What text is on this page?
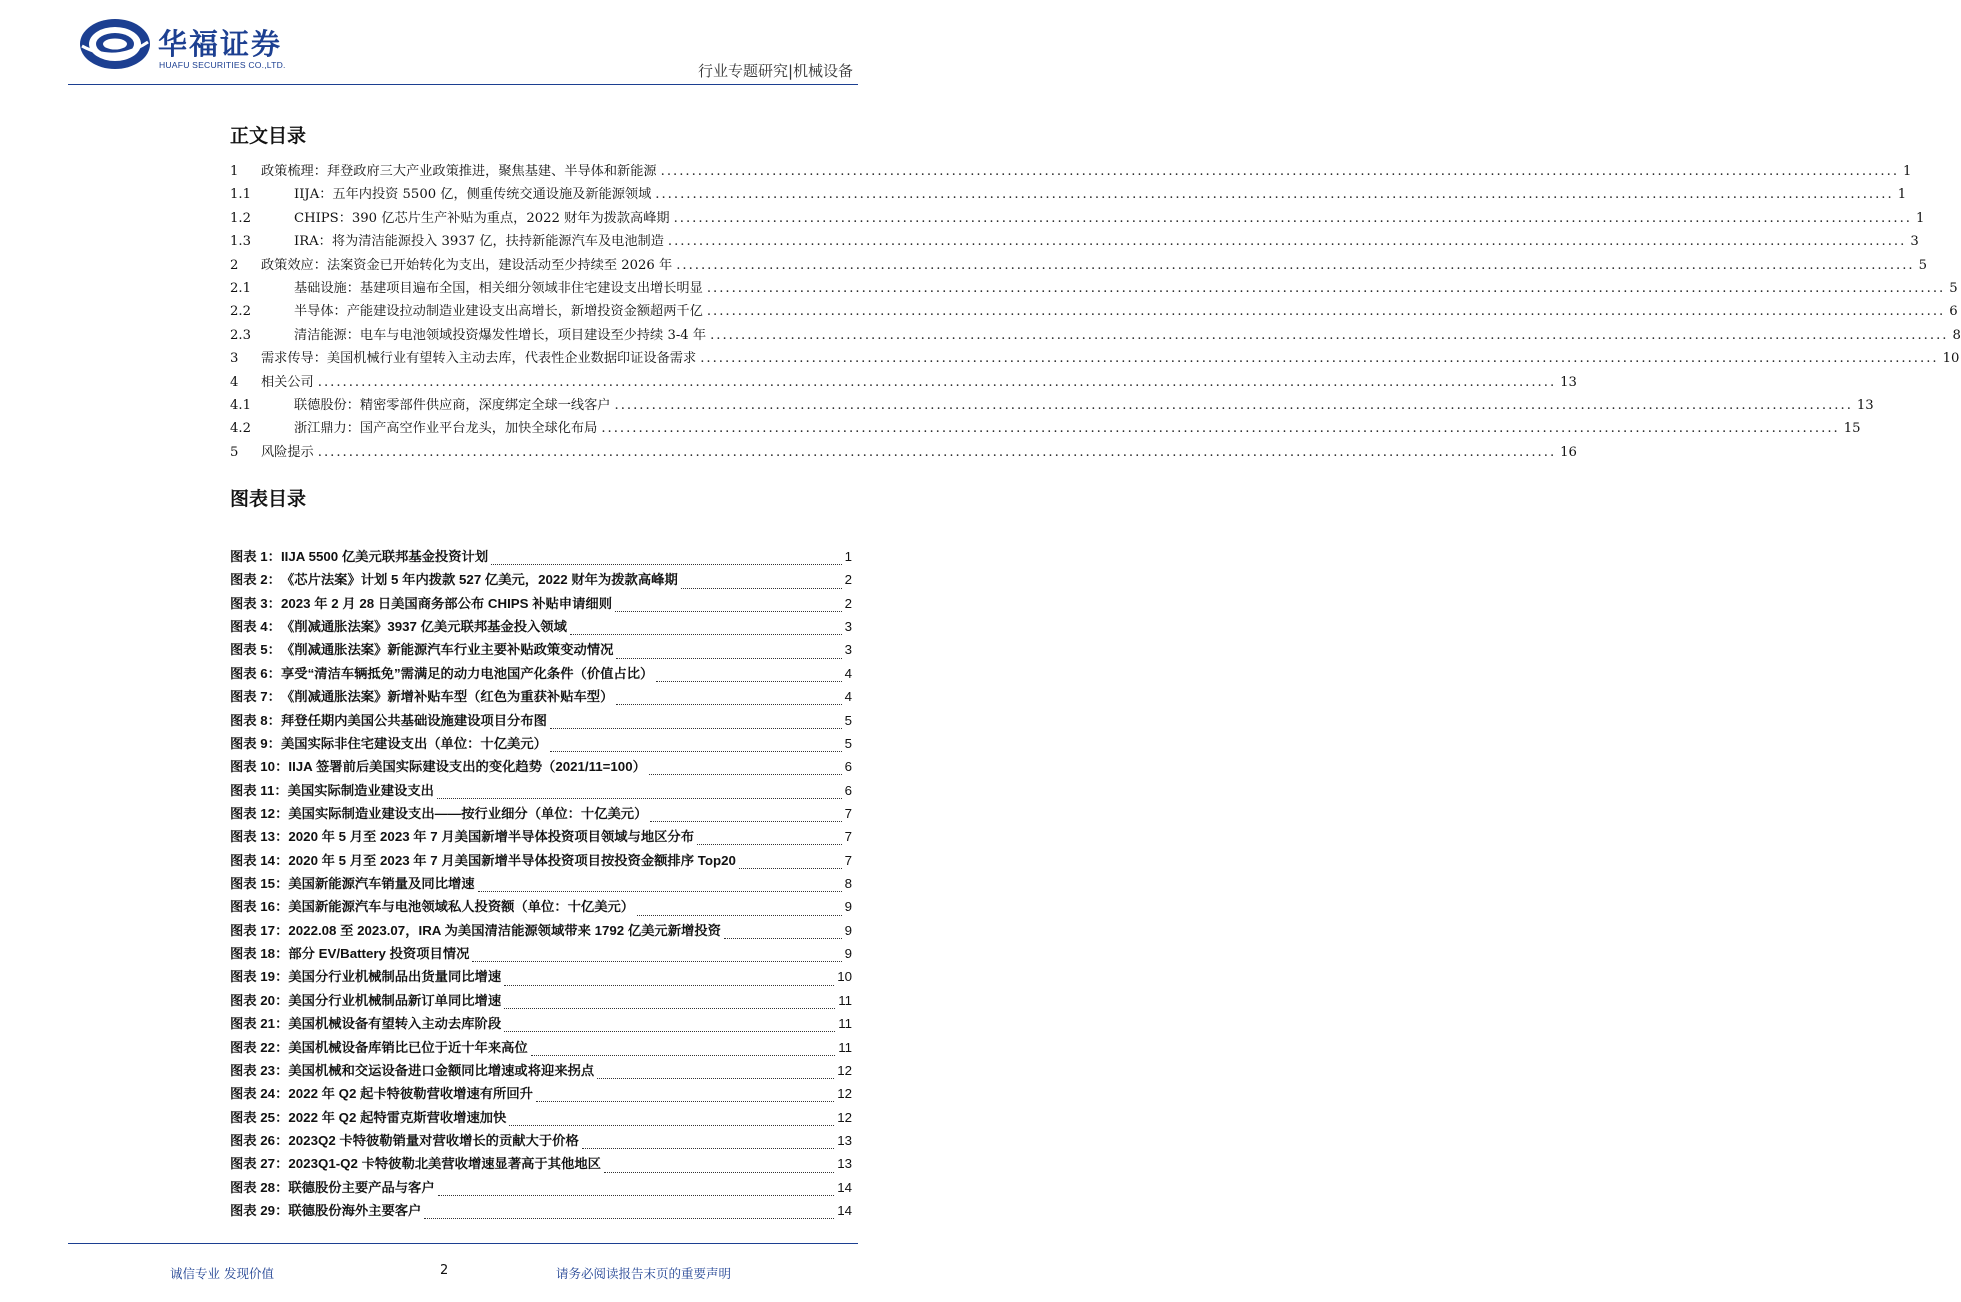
华福证券
HUAFU SECURITIES CO.,LTD.	行业专题研究|机械设备
正文目录
1 政策梳理：拜登政府三大产业政策推进，聚焦基建、半导体和新能源 ........................................................................................................................................................................................................ 1
1.1	IIJA：五年内投资 5500 亿，侧重传统交通设施及新能源领域 ........................................................................................................................................................................................................ 1
1.2	CHIPS：390 亿芯片生产补贴为重点，2022 财年为拨款高峰期 ........................................................................................................................................................................................................ 1
1.3	IRA：将为清洁能源投入 3937 亿，扶持新能源汽车及电池制造 ........................................................................................................................................................................................................ 3
2 政策效应：法案资金已开始转化为支出，建设活动至少持续至 2026 年 ........................................................................................................................................................................................................ 5
2.1	基础设施：基建项目遍布全国，相关细分领域非住宅建设支出增长明显 ........................................................................................................................................................................................................ 5
2.2	半导体：产能建设拉动制造业建设支出高增长，新增投资金额超两千亿 ........................................................................................................................................................................................................ 6
2.3	清洁能源：电车与电池领域投资爆发性增长，项目建设至少持续 3-4 年 ........................................................................................................................................................................................................ 8
3 需求传导：美国机械行业有望转入主动去库，代表性企业数据印证设备需求 ........................................................................................................................................................................................................ 10
4 相关公司 ........................................................................................................................................................................................................ 13
4.1	联德股份：精密零部件供应商，深度绑定全球一线客户 ........................................................................................................................................................................................................ 13
4.2	浙江鼎力：国产高空作业平台龙头，加快全球化布局 ........................................................................................................................................................................................................ 15
5 风险提示 ........................................................................................................................................................................................................ 16
图表目录
图表 1： IIJA 5500 亿美元联邦基金投资计划	1
图表 2： 《芯片法案》计划 5 年内拨款 527 亿美元，2022 财年为拨款高峰期	2
图表 3： 2023 年 2 月 28 日美国商务部公布 CHIPS 补贴申请细则	2
图表 4： 《削减通胀法案》3937 亿美元联邦基金投入领域	3
图表 5： 《削减通胀法案》新能源汽车行业主要补贴政策变动情况	3
图表 6： 享受“清洁车辆抵免”需满足的动力电池国产化条件（价值占比）	4
图表 7： 《削减通胀法案》新增补贴车型（红色为重获补贴车型）	4
图表 8： 拜登任期内美国公共基础设施建设项目分布图	5
图表 9： 美国实际非住宅建设支出（单位：十亿美元）	5
图表 10： IIJA 签署前后美国实际建设支出的变化趋势（2021/11=100）	6
图表 11： 美国实际制造业建设支出	6
图表 12： 美国实际制造业建设支出——按行业细分（单位：十亿美元）	7
图表 13： 2020 年 5 月至 2023 年 7 月美国新增半导体投资项目领域与地区分布	7
图表 14： 2020 年 5 月至 2023 年 7 月美国新增半导体投资项目按投资金额排序 Top20	7
图表 15： 美国新能源汽车销量及同比增速	8
图表 16： 美国新能源汽车与电池领域私人投资额（单位：十亿美元）	9
图表 17： 2022.08 至 2023.07，IRA 为美国清洁能源领域带来 1792 亿美元新增投资	9
图表 18： 部分 EV/Battery 投资项目情况	9
图表 19： 美国分行业机械制品出货量同比增速	10
图表 20： 美国分行业机械制品新订单同比增速	11
图表 21： 美国机械设备有望转入主动去库阶段	11
图表 22： 美国机械设备库销比已位于近十年来高位	11
图表 23： 美国机械和交运设备进口金额同比增速或将迎来拐点	12
图表 24： 2022 年 Q2 起卡特彼勒营收增速有所回升	12
图表 25： 2022 年 Q2 起特雷克斯营收增速加快	12
图表 26： 2023Q2 卡特彼勒销量对营收增长的贡献大于价格	13
图表 27： 2023Q1-Q2 卡特彼勒北美营收增速显著高于其他地区	13
图表 28： 联德股份主要产品与客户	14
图表 29： 联德股份海外主要客户	14
诚信专业 发现价值	2	请务必阅读报告末页的重要声明
